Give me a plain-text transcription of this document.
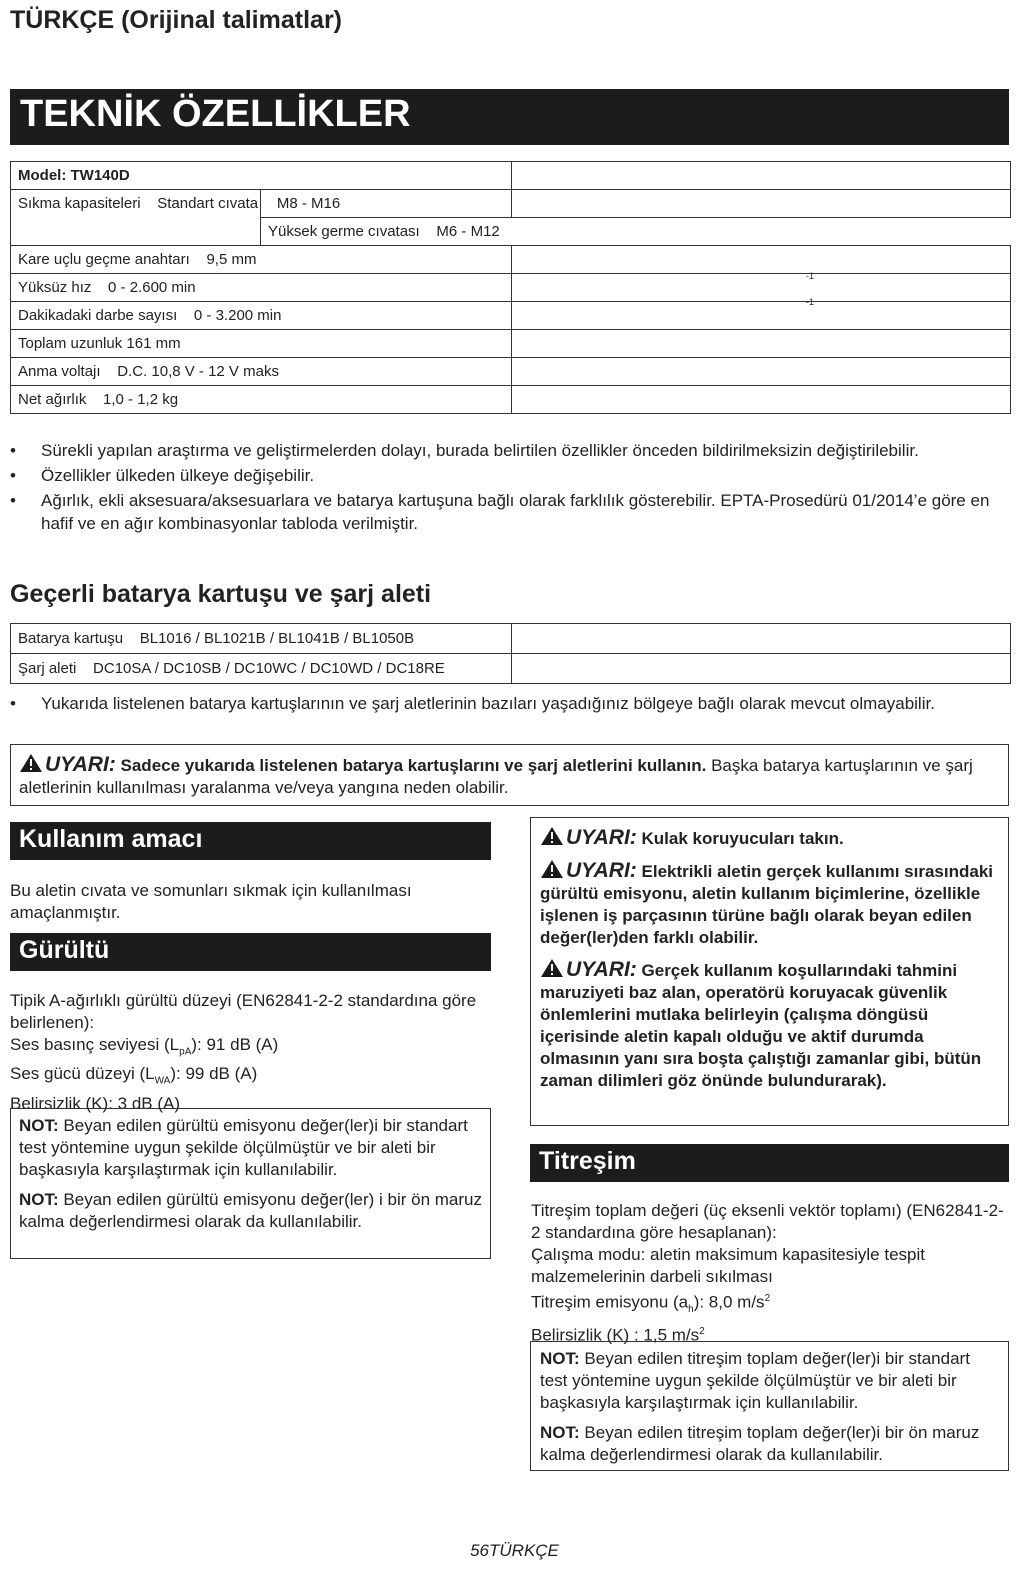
TÜRKÇE (Orijinal talimatlar)
TEKNİK ÖZELLİKLER
Model: TW140D		
Sıkma kapasiteleri Standart cıvata	M8 - M16	
	Yüksek germe cıvatası M6 - M12	
Kare uçlu geçme anahtarı 9,5 mm		
Yüksüz hız 0 - 2.600 min		-1

Dakikadaki darbe sayısı 0 - 3.200 min		-1

Toplam uzunluk 161 mm		
Anma voltajı D.C. 10,8 V - 12 V maks		
Net ağırlık 1,0 - 1,2 kg		
• Sürekli yapılan araştırma ve geliştirmelerden dolayı, burada belirtilen özellikler önceden bildirilmeksizin değiştirilebilir.
• Özellikler ülkeden ülkeye değişebilir.
• Ağırlık, ekli aksesuara/aksesuarlara ve batarya kartuşuna bağlı olarak farklılık gösterebilir. EPTA-Prosedürü 01/2014’e göre en hafif ve en ağır kombinasyonlar tabloda verilmiştir.
Geçerli batarya kartuşu ve şarj aleti
Batarya kartuşu BL1016 / BL1021B / BL1041B / BL1050B	
Şarj aleti DC10SA / DC10SB / DC10WC / DC10WD / DC18RE	
• Yukarıda listelenen batarya kartuşlarının ve şarj aletlerinin bazıları yaşadığınız bölgeye bağlı olarak mevcut olmayabilir.
UYARI: Sadece yukarıda listelenen batarya kartuşlarını ve şarj aletlerini kullanın. Başka batarya kartuşlarının ve şarj aletlerinin kullanılması yaralanma ve/veya yangına neden olabilir.
Kullanım amacı

Bu aletin cıvata ve somunları sıkmak için kullanılması amaçlanmıştır.

Gürültü

Tipik A-ağırlıklı gürültü düzeyi (EN62841-2-2 standardına göre belirlenen):

Ses basınç seviyesi $(L_{pA})$: 91 dB (A)

Ses gücü düzeyi $(L_{WA})$: 99 dB (A)

Belirsizlik (K): 3 dB (A)

NOT: Beyan edilen gürültü emisyonu değer(ler)i bir standart test yöntemine uygun şekilde ölçülmüştür ve bir aleti bir başkasıyla karşılaştırmak için kullanılabilir.

NOT: Beyan edilen gürültü emisyonu değer(ler) i bir ön maruz kalma değerlendirmesi olarak da kullanılabilir.

UYARI: Kulak koruyucuları takın.

UYARI: Elektrikli aletin gerçek kullanımı sırasındaki gürültü emisyonu, aletin kullanım biçimlerine, özellikle işlenen iş parçasının türüne bağlı olarak beyan edilen değer(ler)den farklı olabilir.

UYARI: Gerçek kullanım koşullarındaki tahmini maruziyeti baz alan, operatörü koruyacak güvenlik önlemlerini mutlaka belirleyin (çalışma döngüsü içerisinde aletin kapalı olduğu ve aktif durumda olmasının yanı sıra boşta çalıştığı zamanlar gibi, bütün zaman dilimleri göz önünde bulundurarak).

Titreşim

Titreşim toplam değeri (üç eksenli vektör toplamı) (EN62841-2-2 standardına göre hesaplanan):

Çalışma modu: aletin maksimum kapasitesiyle tespit malzemelerinin darbeli sıkılması

Titreşim emisyonu $(a_h)$: 8,0 $m/s^2$

Belirsizlik (K) : 1,5 $m/s^2$

NOT: Beyan edilen titreşim toplam değer(ler)i bir standart test yöntemine uygun şekilde ölçülmüştür ve bir aleti bir başkasıyla karşılaştırmak için kullanılabilir.

NOT: Beyan edilen titreşim toplam değer(ler)i bir ön maruz kalma değerlendirmesi olarak da kullanılabilir.

56TÜRKÇE
